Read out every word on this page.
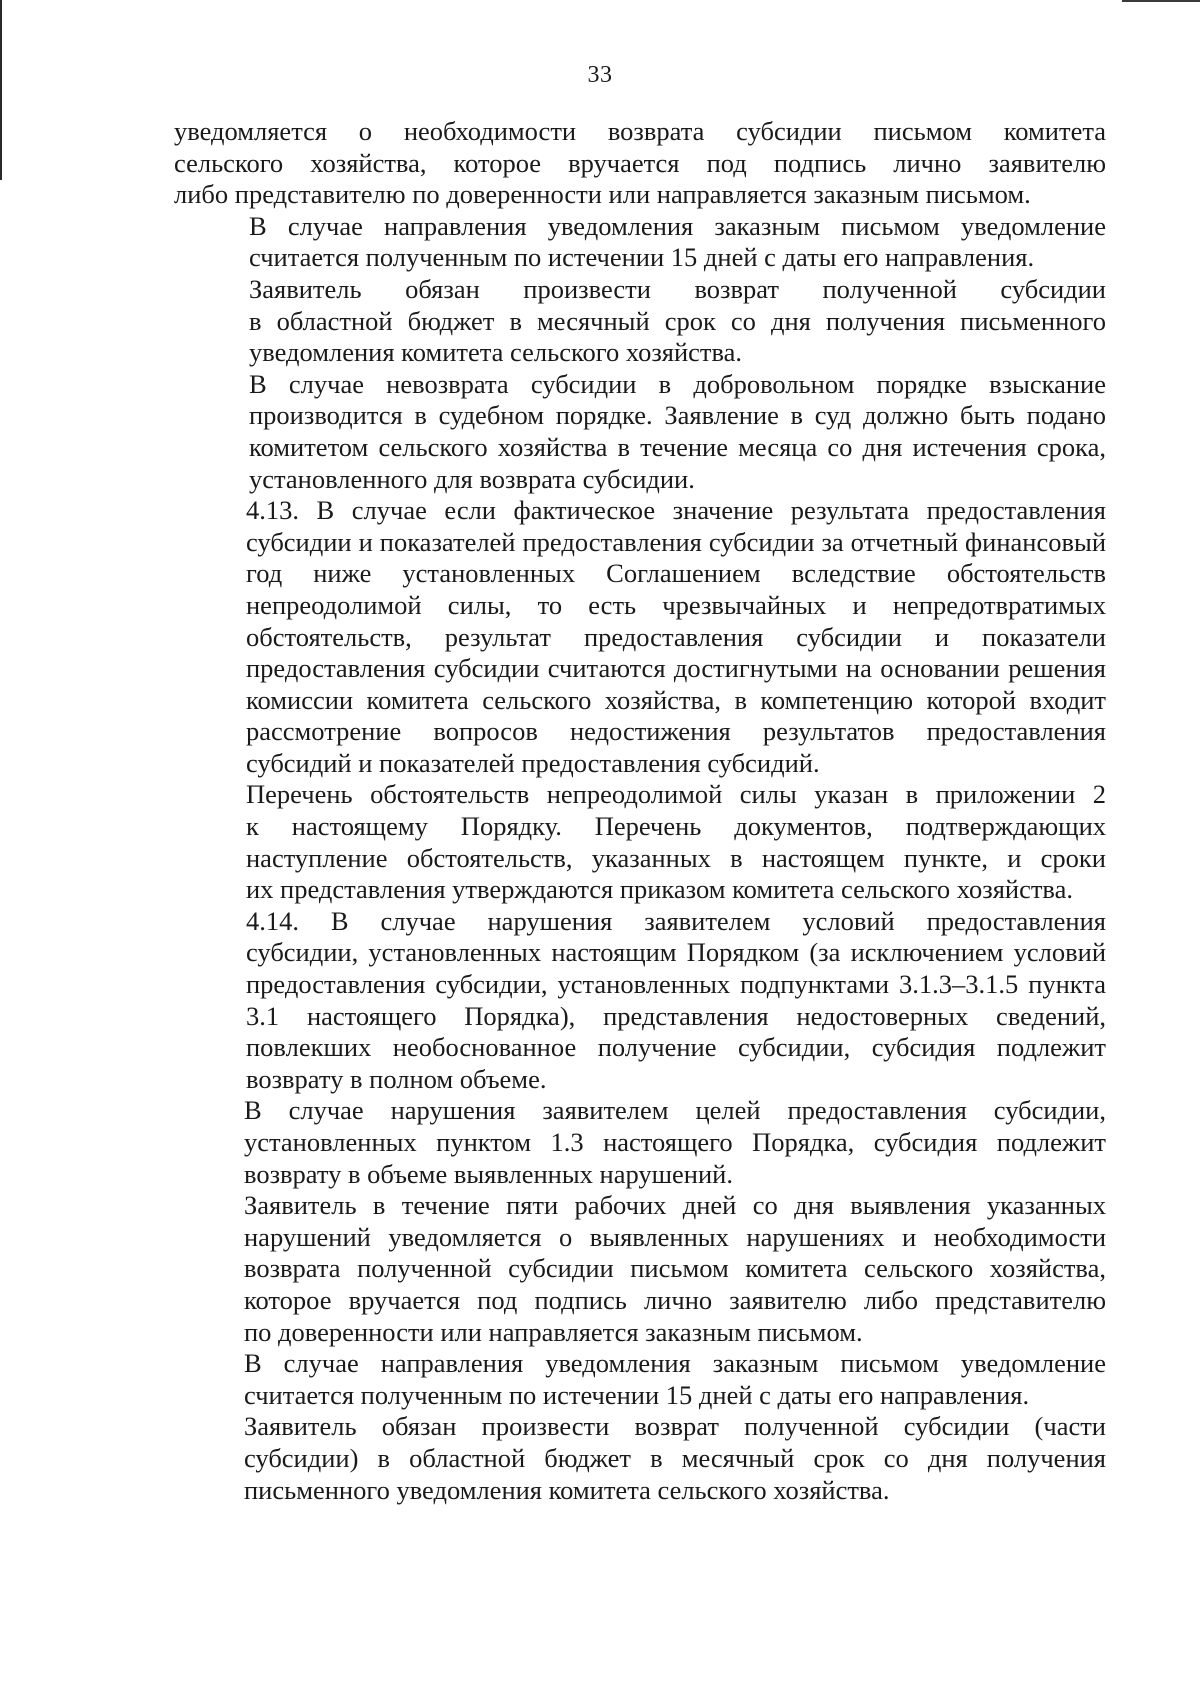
33
уведомляется о необходимости возврата субсидии письмом комитета
сельского хозяйства, которое вручается под подпись лично заявителю
либо представителю по доверенности или направляется заказным письмом.
В случае направления уведомления заказным письмом уведомление
считается полученным по истечении 15 дней с даты его направления.
Заявитель обязан произвести возврат полученной субсидии
в областной бюджет в месячный срок со дня получения письменного
уведомления комитета сельского хозяйства.
В случае невозврата субсидии в добровольном порядке взыскание
производится в судебном порядке. Заявление в суд должно быть подано
комитетом сельского хозяйства в течение месяца со дня истечения срока,
установленного для возврата субсидии.
4.13. В случае если фактическое значение результата предоставления
субсидии и показателей предоставления субсидии за отчетный финансовый
год ниже установленных Соглашением вследствие обстоятельств
непреодолимой силы, то есть чрезвычайных и непредотвратимых
обстоятельств, результат предоставления субсидии и показатели
предоставления субсидии считаются достигнутыми на основании решения
комиссии комитета сельского хозяйства, в компетенцию которой входит
рассмотрение вопросов недостижения результатов предоставления
субсидий и показателей предоставления субсидий.
Перечень обстоятельств непреодолимой силы указан в приложении 2
к настоящему Порядку. Перечень документов, подтверждающих
наступление обстоятельств, указанных в настоящем пункте, и сроки
их представления утверждаются приказом комитета сельского хозяйства.
4.14. В случае нарушения заявителем условий предоставления
субсидии, установленных настоящим Порядком (за исключением условий
предоставления субсидии, установленных подпунктами 3.1.3–3.1.5 пункта
3.1 настоящего Порядка), представления недостоверных сведений,
повлекших необоснованное получение субсидии, субсидия подлежит
возврату в полном объеме.
В случае нарушения заявителем целей предоставления субсидии,
установленных пунктом 1.3 настоящего Порядка, субсидия подлежит
возврату в объеме выявленных нарушений.
Заявитель в течение пяти рабочих дней со дня выявления указанных
нарушений уведомляется о выявленных нарушениях и необходимости
возврата полученной субсидии письмом комитета сельского хозяйства,
которое вручается под подпись лично заявителю либо представителю
по доверенности или направляется заказным письмом.
В случае направления уведомления заказным письмом уведомление
считается полученным по истечении 15 дней с даты его направления.
Заявитель обязан произвести возврат полученной субсидии (части
субсидии) в областной бюджет в месячный срок со дня получения
письменного уведомления комитета сельского хозяйства.
